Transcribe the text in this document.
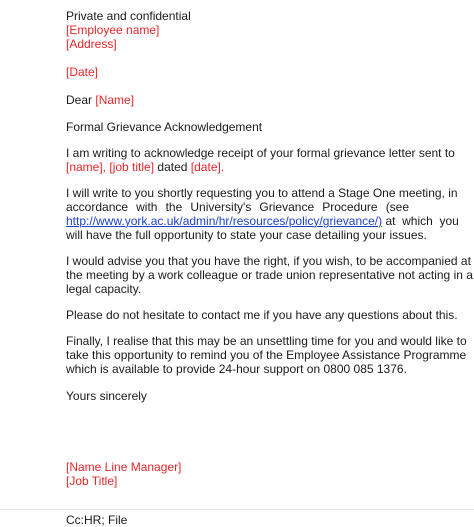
Private and confidential
[Employee name]
[Address]
[Date]
Dear [Name]
Formal Grievance Acknowledgement

I am writing to acknowledge receipt of your formal grievance letter sent to
[name], [job title] dated [date].

I will write to you shortly requesting you to attend a Stage One meeting, in
accordance with the University's Grievance Procedure (see
http://www.york.ac.uk/admin/hr/resources/policy/grievance/) at  which  you
will have the full opportunity to state your case detailing your issues.

I would advise you that you have the right, if you wish, to be accompanied at
the meeting by a work colleague or trade union representative not acting in a
legal capacity.

Please do not hesitate to contact me if you have any questions about this.

Finally, I realise that this may be an unsettling time for you and would like to
take this opportunity to remind you of the Employee Assistance Programme
which is available to provide 24-hour support on 0800 085 1376.

Yours sincerely
[Name Line Manager]
[Job Title]
Cc:HR; File
